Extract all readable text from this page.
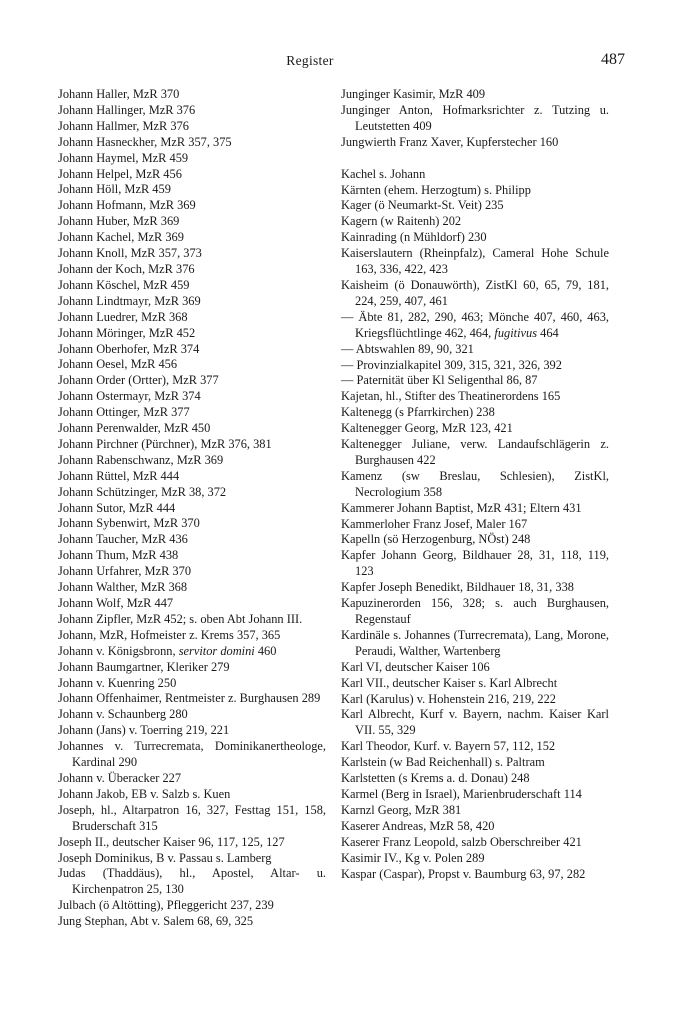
Register	487

Johann Haller, MzR 370

Johann Hallinger, MzR 376

Johann Hallmer, MzR 376

Johann Hasneckher, MzR 357, 375

Johann Haymel, MzR 459

Johann Helpel, MzR 456

Johann Höll, MzR 459

Johann Hofmann, MzR 369

Johann Huber, MzR 369

Johann Kachel, MzR 369

Johann Knoll, MzR 357, 373

Johann der Koch, MzR 376

Johann Köschel, MzR 459

Johann Lindtmayr, MzR 369

Johann Luedrer, MzR 368

Johann Möringer, MzR 452

Johann Oberhofer, MzR 374

Johann Oesel, MzR 456

Johann Order (Ortter), MzR 377

Johann Ostermayr, MzR 374

Johann Ottinger, MzR 377

Johann Perenwalder, MzR 450

Johann Pirchner (Pürchner), MzR 376, 381

Johann Rabenschwanz, MzR 369

Johann Rüttel, MzR 444

Johann Schützinger, MzR 38, 372

Johann Sutor, MzR 444

Johann Sybenwirt, MzR 370

Johann Taucher, MzR 436

Johann Thum, MzR 438

Johann Urfahrer, MzR 370

Johann Walther, MzR 368

Johann Wolf, MzR 447

Johann Zipfler, MzR 452; s. oben Abt Johann III.

Johann, MzR, Hofmeister z. Krems 357, 365

Johann v. Königsbronn, servitor domini 460

Johann Baumgartner, Kleriker 279

Johann v. Kuenring 250

Johann Offenhaimer, Rentmeister z. Burghausen 289

Johann v. Schaunberg 280

Johann (Jans) v. Toerring 219, 221

Johannes v. Turrecremata, Dominikanertheologe, Kardinal 290

Johann v. Überacker 227

Johann Jakob, EB v. Salzb s. Kuen

Joseph, hl., Altarpatron 16, 327, Festtag 151, 158, Bruderschaft 315

Joseph II., deutscher Kaiser 96, 117, 125, 127

Joseph Dominikus, B v. Passau s. Lamberg

Judas (Thaddäus), hl., Apostel, Altar- u. Kirchenpatron 25, 130

Julbach (ö Altötting), Pfleggericht 237, 239

Jung Stephan, Abt v. Salem 68, 69, 325

Junginger Kasimir, MzR 409

Junginger Anton, Hofmarksrichter z. Tutzing u. Leutstetten 409

Jungwierth Franz Xaver, Kupferstecher 160

Kachel s. Johann

Kärnten (ehem. Herzogtum) s. Philipp

Kager (ö Neumarkt-St. Veit) 235

Kagern (w Raitenh) 202

Kainrading (n Mühldorf) 230

Kaiserslautern (Rheinpfalz), Cameral Hohe Schule 163, 336, 422, 423

Kaisheim (ö Donauwörth), ZistKl 60, 65, 79, 181, 224, 259, 407, 461

— Äbte 81, 282, 290, 463; Mönche 407, 460, 463, Kriegsflüchtlinge 462, 464, fugitivus 464

— Abtswahlen 89, 90, 321

— Provinzialkapitel 309, 315, 321, 326, 392

— Paternität über Kl Seligenthal 86, 87

Kajetan, hl., Stifter des Theatinerordens 165

Kaltenegg (s Pfarrkirchen) 238

Kaltenegger Georg, MzR 123, 421

Kaltenegger Juliane, verw. Landaufschlägerin z. Burghausen 422

Kamenz (sw Breslau, Schlesien), ZistKl, Necrologium 358

Kammerer Johann Baptist, MzR 431; Eltern 431

Kammerloher Franz Josef, Maler 167

Kapelln (sö Herzogenburg, NÖst) 248

Kapfer Johann Georg, Bildhauer 28, 31, 118, 119, 123

Kapfer Joseph Benedikt, Bildhauer 18, 31, 338

Kapuzinerorden 156, 328; s. auch Burghausen, Regenstauf

Kardinäle s. Johannes (Turrecremata), Lang, Morone, Peraudi, Walther, Wartenberg

Karl VI, deutscher Kaiser 106

Karl VII., deutscher Kaiser s. Karl Albrecht

Karl (Karulus) v. Hohenstein 216, 219, 222

Karl Albrecht, Kurf v. Bayern, nachm. Kaiser Karl VII. 55, 329

Karl Theodor, Kurf. v. Bayern 57, 112, 152

Karlstein (w Bad Reichenhall) s. Paltram

Karlstetten (s Krems a. d. Donau) 248

Karmel (Berg in Israel), Marienbruderschaft 114

Karnzl Georg, MzR 381

Kaserer Andreas, MzR 58, 420

Kaserer Franz Leopold, salzb Oberschreiber 421

Kasimir IV., Kg v. Polen 289

Kaspar (Caspar), Propst v. Baumburg 63, 97, 282
